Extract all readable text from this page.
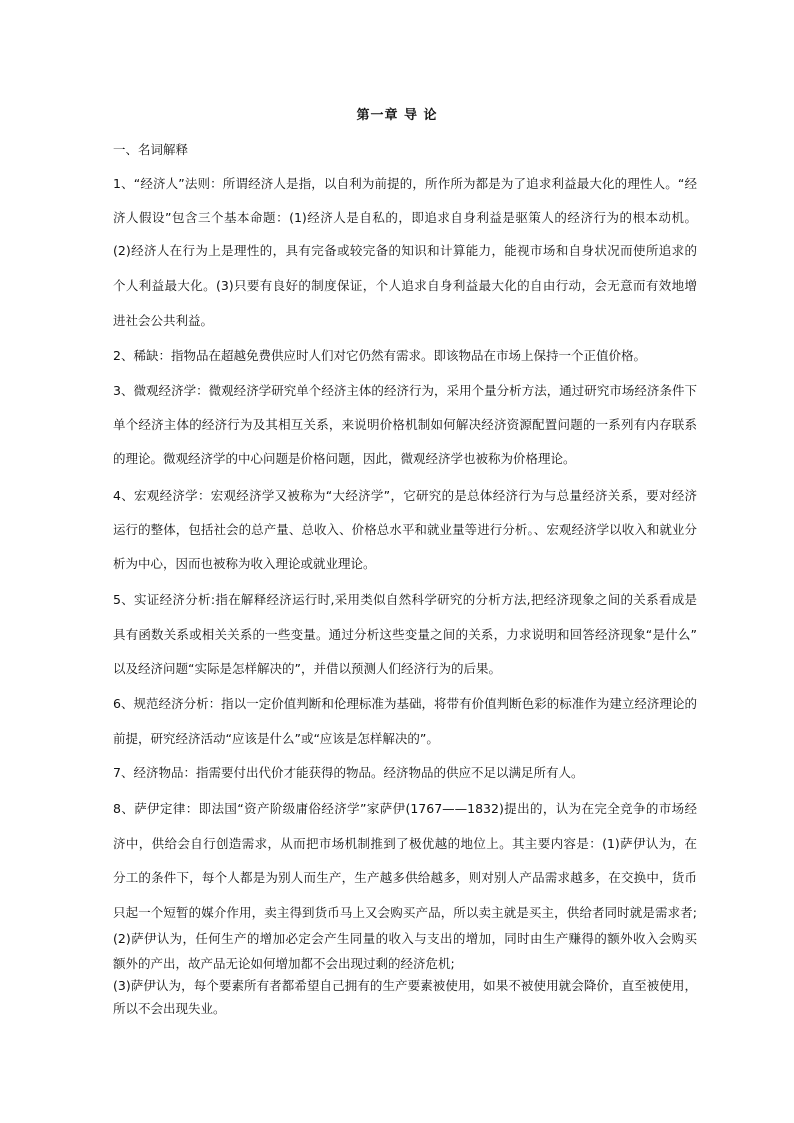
第一章 导 论
一、名词解释
1、“经济人”法则：所谓经济人是指，以自利为前提的，所作所为都是为了追求利益最大化的理性人。“经
济人假设”包含三个基本命题：(1)经济人是自私的，即追求自身利益是驱策人的经济行为的根本动机。
(2)经济人在行为上是理性的，具有完备或较完备的知识和计算能力，能视市场和自身状况而使所追求的
个人利益最大化。(3)只要有良好的制度保证，个人追求自身利益最大化的自由行动，会无意而有效地增
进社会公共利益。
2、稀缺：指物品在超越免费供应时人们对它仍然有需求。即该物品在市场上保持一个正值价格。
3、微观经济学：微观经济学研究单个经济主体的经济行为，采用个量分析方法，通过研究市场经济条件下
单个经济主体的经济行为及其相互关系，来说明价格机制如何解决经济资源配置问题的一系列有内存联系
的理论。微观经济学的中心问题是价格问题，因此，微观经济学也被称为价格理论。
4、宏观经济学：宏观经济学又被称为“大经济学”，它研究的是总体经济行为与总量经济关系，要对经济
运行的整体，包括社会的总产量、总收入、价格总水平和就业量等进行分析。、宏观经济学以收入和就业分
析为中心，因而也被称为收入理论或就业理论。
5、实证经济分析:指在解释经济运行时,采用类似自然科学研究的分析方法,把经济现象之间的关系看成是
具有函数关系或相关关系的一些变量。通过分析这些变量之间的关系，力求说明和回答经济现象“是什么”
以及经济问题“实际是怎样解决的”，并借以预测人们经济行为的后果。
6、规范经济分析：指以一定价值判断和伦理标准为基础，将带有价值判断色彩的标准作为建立经济理论的
前提，研究经济活动“应该是什么”或“应该是怎样解决的”。
7、经济物品：指需要付出代价才能获得的物品。经济物品的供应不足以满足所有人。
8、萨伊定律：即法国“资产阶级庸俗经济学”家萨伊(1767——1832)提出的，认为在完全竞争的市场经
济中，供给会自行创造需求，从而把市场机制推到了极优越的地位上。其主要内容是：(1)萨伊认为，在
分工的条件下，每个人都是为别人而生产，生产越多供给越多，则对别人产品需求越多，在交换中，货币
只起一个短暂的媒介作用，卖主得到货币马上又会购买产品，所以卖主就是买主，供给者同时就是需求者;
(2)萨伊认为，任何生产的增加必定会产生同量的收入与支出的增加，同时由生产赚得的额外收入会购买
额外的产出，故产品无论如何增加都不会出现过剩的经济危机;
(3)萨伊认为，每个要素所有者都希望自己拥有的生产要素被使用，如果不被使用就会降价，直至被使用，
所以不会出现失业。
